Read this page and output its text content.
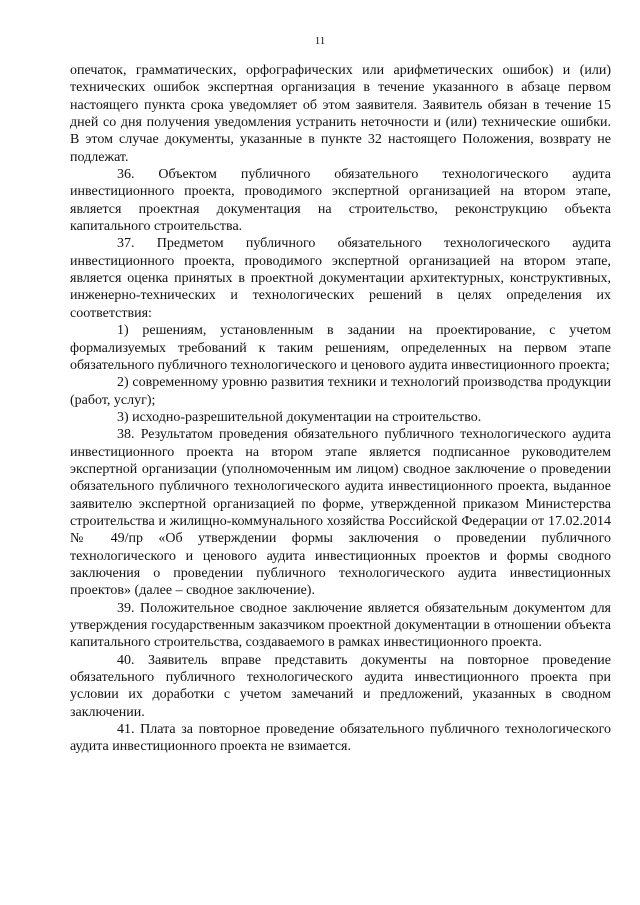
11

опечаток, грамматических, орфографических или арифметических ошибок) и (или) технических ошибок экспертная организация в течение указанного в абзаце первом настоящего пункта срока уведомляет об этом заявителя. Заявитель обязан в течение 15 дней со дня получения уведомления устранить неточности и (или) технические ошибки. В этом случае документы, указанные в пункте 32 настоящего Положения, возврату не подлежат.

36. Объектом публичного обязательного технологического аудита инвестиционного проекта, проводимого экспертной организацией на втором этапе, является проектная документация на строительство, реконструкцию объекта капитального строительства.

37. Предметом публичного обязательного технологического аудита инвестиционного проекта, проводимого экспертной организацией на втором этапе, является оценка принятых в проектной документации архитектурных, конструктивных, инженерно-технических и технологических решений в целях определения их соответствия:

1) решениям, установленным в задании на проектирование, с учетом формализуемых требований к таким решениям, определенных на первом этапе обязательного публичного технологического и ценового аудита инвестиционного проекта;

2) современному уровню развития техники и технологий производства продукции (работ, услуг);

3) исходно-разрешительной документации на строительство.

38. Результатом проведения обязательного публичного технологического аудита инвестиционного проекта на втором этапе является подписанное руководителем экспертной организации (уполномоченным им лицом) сводное заключение о проведении обязательного публичного технологического аудита инвестиционного проекта, выданное заявителю экспертной организацией по форме, утвержденной приказом Министерства строительства и жилищно-коммунального хозяйства Российской Федерации от 17.02.2014 № 49/пр «Об утверждении формы заключения о проведении публичного технологического и ценового аудита инвестиционных проектов и формы сводного заключения о проведении публичного технологического аудита инвестиционных проектов» (далее – сводное заключение).

39. Положительное сводное заключение является обязательным документом для утверждения государственным заказчиком проектной документации в отношении объекта капитального строительства, создаваемого в рамках инвестиционного проекта.

40. Заявитель вправе представить документы на повторное проведение обязательного публичного технологического аудита инвестиционного проекта при условии их доработки с учетом замечаний и предложений, указанных в сводном заключении.

41. Плата за повторное проведение обязательного публичного технологического аудита инвестиционного проекта не взимается.
